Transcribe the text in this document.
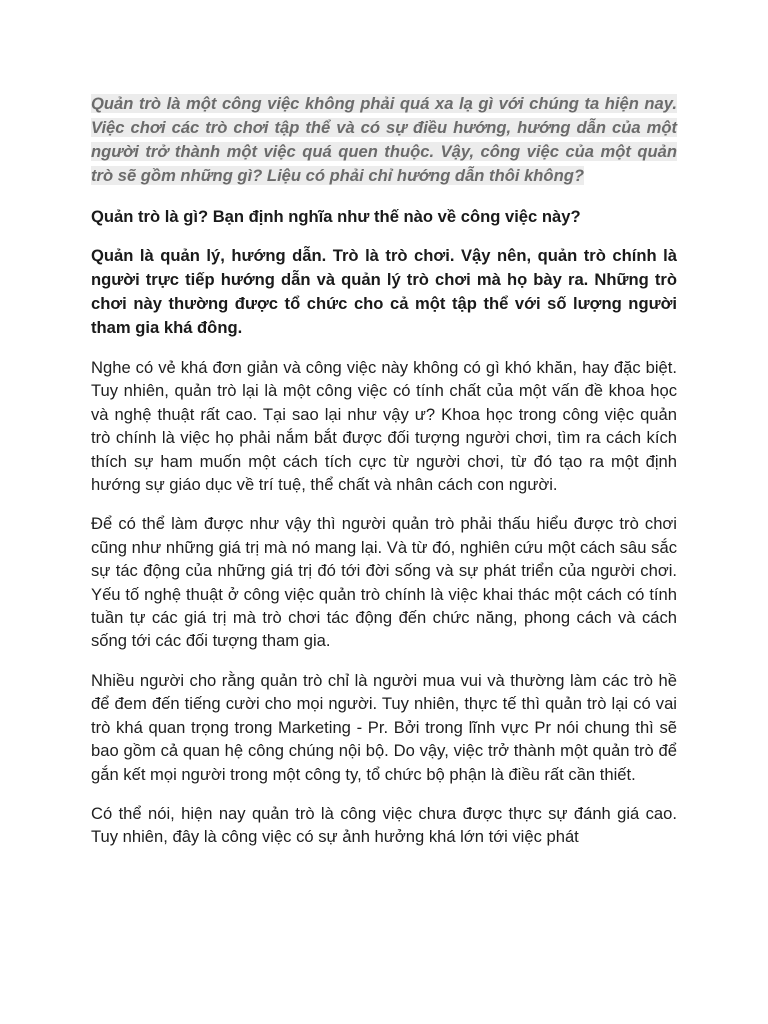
Quản trò là một công việc không phải quá xa lạ gì với chúng ta hiện nay. Việc chơi các trò chơi tập thể và có sự điều hướng, hướng dẫn của một người trở thành một việc quá quen thuộc. Vậy, công việc của một quản trò sẽ gồm những gì? Liệu có phải chỉ hướng dẫn thôi không?

Quản trò là gì? Bạn định nghĩa như thế nào về công việc này?

Quản là quản lý, hướng dẫn. Trò là trò chơi. Vậy nên, quản trò chính là người trực tiếp hướng dẫn và quản lý trò chơi mà họ bày ra. Những trò chơi này thường được tổ chức cho cả một tập thể với số lượng người tham gia khá đông.

Nghe có vẻ khá đơn giản và công việc này không có gì khó khăn, hay đặc biệt. Tuy nhiên, quản trò lại là một công việc có tính chất của một vấn đề khoa học và nghệ thuật rất cao. Tại sao lại như vậy ư? Khoa học trong công việc quản trò chính là việc họ phải nắm bắt được đối tượng người chơi, tìm ra cách kích thích sự ham muốn một cách tích cực từ người chơi, từ đó tạo ra một định hướng sự giáo dục về trí tuệ, thể chất và nhân cách con người.

Để có thể làm được như vậy thì người quản trò phải thấu hiểu được trò chơi cũng như những giá trị mà nó mang lại. Và từ đó, nghiên cứu một cách sâu sắc sự tác động của những giá trị đó tới đời sống và sự phát triển của người chơi. Yếu tố nghệ thuật ở công việc quản trò chính là việc khai thác một cách có tính tuần tự các giá trị mà trò chơi tác động đến chức năng, phong cách và cách sống tới các đối tượng tham gia.

Nhiều người cho rằng quản trò chỉ là người mua vui và thường làm các trò hề để đem đến tiếng cười cho mọi người. Tuy nhiên, thực tế thì quản trò lại có vai trò khá quan trọng trong Marketing - Pr. Bởi trong lĩnh vực Pr nói chung thì sẽ bao gồm cả quan hệ công chúng nội bộ. Do vậy, việc trở thành một quản trò để gắn kết mọi người trong một công ty, tổ chức bộ phận là điều rất cần thiết.

Có thể nói, hiện nay quản trò là công việc chưa được thực sự đánh giá cao. Tuy nhiên, đây là công việc có sự ảnh hưởng khá lớn tới việc phát
